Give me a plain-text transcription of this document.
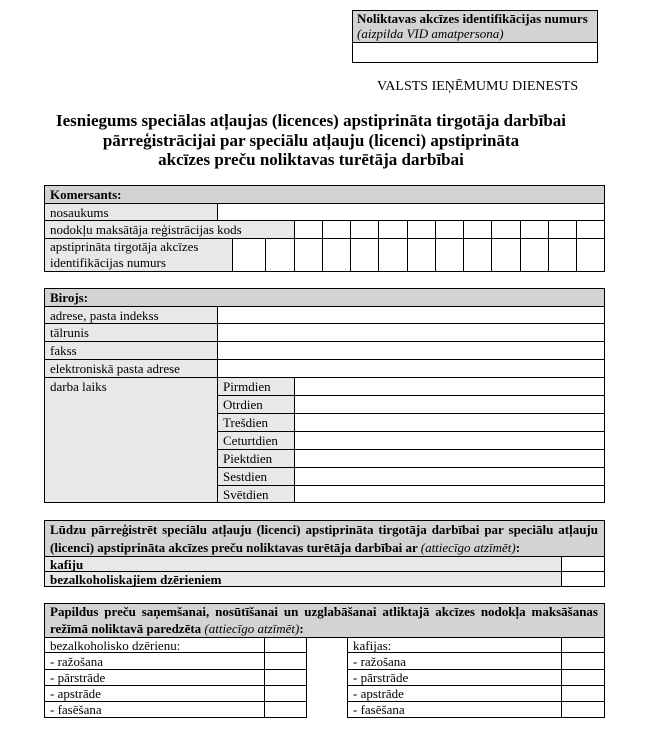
Noliktavas akcīzes identifikācijas numurs
(aizpilda VID amatpersona)
VALSTS IEŅĒMUMU DIENESTS
Iesniegums speciālas atļaujas (licences) apstiprināta tirgotāja darbībai
pārreģistrācijai par speciālu atļauju (licenci) apstiprināta
akcīzes preču noliktavas turētāja darbībai
Komersants:
nosaukums
nodokļu maksātāja reģistrācijas kods
apstiprināta tirgotāja akcīzes
identifikācijas numurs
Birojs:
adrese, pasta indekss
tālrunis
fakss
elektroniskā pasta adrese
darba laiks	Pirmdien
Otrdien
Trešdien
Ceturtdien
Piektdien
Sestdien
Svētdien
Lūdzu pārreģistrēt speciālu atļauju (licenci) apstiprināta tirgotāja darbībai par speciālu atļauju
(licenci) apstiprināta akcīzes preču noliktavas turētāja darbībai ar (attiecīgo atzīmēt):
kafiju
bezalkoholiskajiem dzērieniem
Papildus preču saņemšanai, nosūtīšanai un uzglabāšanai atliktajā akcīzes nodokļa maksāšanas
režīmā noliktavā paredzēta (attiecīgo atzīmēt):
bezalkoholisko dzērienu:
- ražošana
- pārstrāde
- apstrāde
- fasēšana
kafijas:
- ražošana
- pārstrāde
- apstrāde
- fasēšana
